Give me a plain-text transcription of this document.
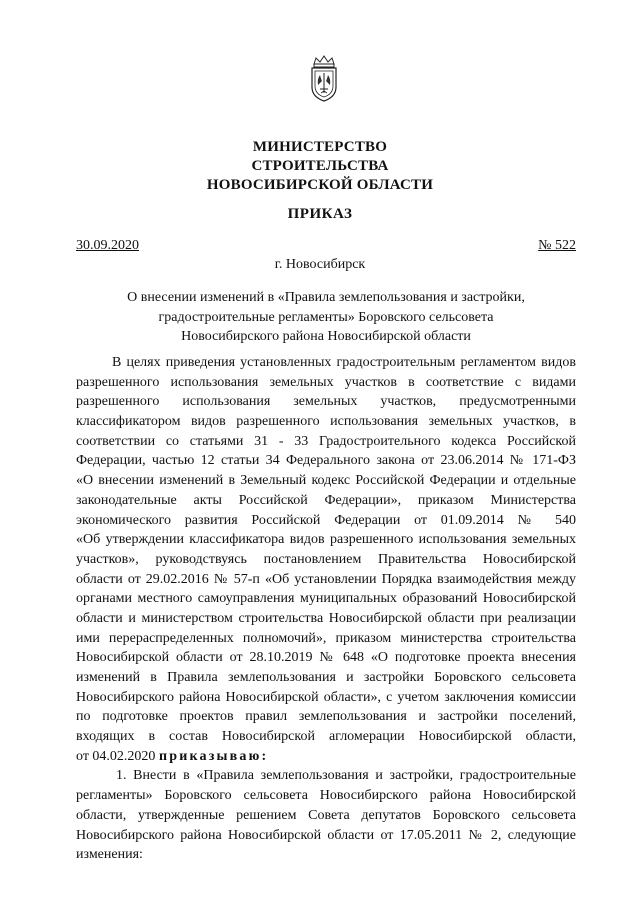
МИНИСТЕРСТВО
СТРОИТЕЛЬСТВА
НОВОСИБИРСКОЙ ОБЛАСТИ
ПРИКАЗ
30.09.2020	№ 522
г. Новосибирск
О внесении изменений в «Правила землепользования и застройки,
градостроительные регламенты» Боровского сельсовета
Новосибирского района Новосибирской области
В целях приведения установленных градостроительным регламентом видов
разрешенного использования земельных участков в соответствие с видами
разрешенного использования земельных участков, предусмотренными
классификатором видов разрешенного использования земельных участков, в
соответствии со статьями 31 - 33 Градостроительного кодекса Российской
Федерации, частью 12 статьи 34 Федерального закона от 23.06.2014 № 171-ФЗ
«О внесении изменений в Земельный кодекс Российской Федерации и отдельные
законодательные акты Российской Федерации», приказом Министерства
экономического развития Российской Федерации от 01.09.2014 № 540
«Об утверждении классификатора видов разрешенного использования земельных
участков», руководствуясь постановлением Правительства Новосибирской
области от 29.02.2016 № 57-п «Об установлении Порядка взаимодействия между
органами местного самоуправления муниципальных образований Новосибирской
области и министерством строительства Новосибирской области при реализации
ими перераспределенных полномочий», приказом министерства строительства
Новосибирской области от 28.10.2019 № 648 «О подготовке проекта внесения
изменений в Правила землепользования и застройки Боровского сельсовета
Новосибирского района Новосибирской области», с учетом заключения комиссии
по подготовке проектов правил землепользования и застройки поселений,
входящих в состав Новосибирской агломерации Новосибирской области,
от 04.02.2020 приказываю:
1. Внести в «Правила землепользования и застройки, градостроительные
регламенты» Боровского сельсовета Новосибирского района Новосибирской
области, утвержденные решением Совета депутатов Боровского сельсовета
Новосибирского района Новосибирской области от 17.05.2011 № 2, следующие
изменения:
